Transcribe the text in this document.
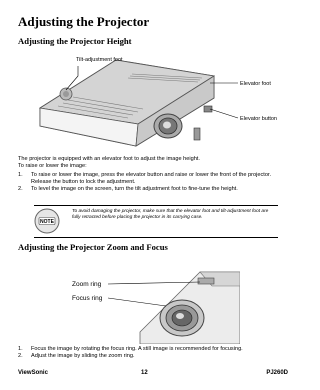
Adjusting the Projector
Adjusting the Projector Height
Tilt-adjustment foot
Elevator foot
Elevator button
The projector is equipped with an elevator foot to adjust the image height.
To raise or lower the image:
1.	To raise or lower the image, press the elevator button and raise or lower the front of the projector. Release the button to lock the adjustment.
2.	To level the image on the screen, turn the tilt adjustment foot to fine-tune the height.
NOTE
To avoid damaging the projector, make sure that the elevator foot and tilt-adjustment foot are fully retracted before placing the projector in its carrying case.
Adjusting the Projector Zoom and Focus
Zoom ring
Focus ring
1.	Focus the image by rotating the focus ring. A still image is recommended for focusing.
2.	Adjust the image by sliding the zoom ring.
ViewSonic	12	PJ260D
